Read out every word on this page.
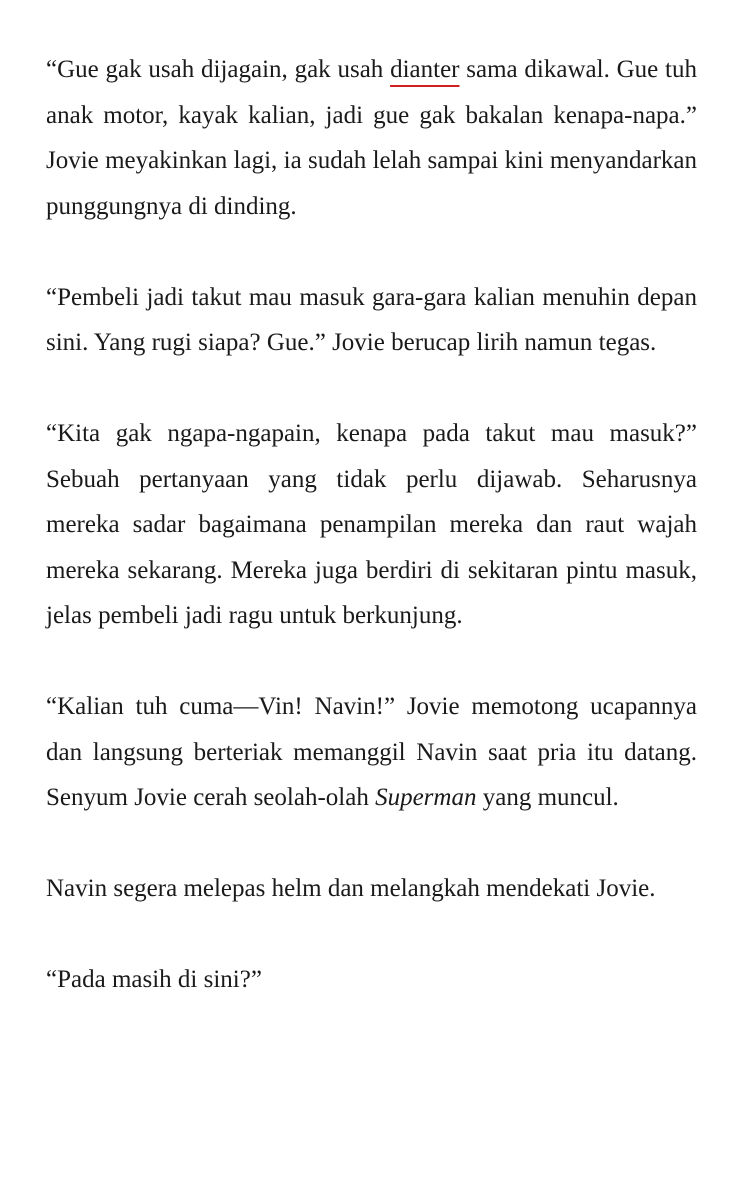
“Gue gak usah dijagain, gak usah dianter sama dikawal. Gue tuh anak motor, kayak kalian, jadi gue gak bakalan kenapa-napa.” Jovie meyakinkan lagi, ia sudah lelah sampai kini menyandarkan punggungnya di dinding.

“Pembeli jadi takut mau masuk gara-gara kalian menuhin depan sini. Yang rugi siapa? Gue.” Jovie berucap lirih namun tegas.

“Kita gak ngapa-ngapain, kenapa pada takut mau masuk?” Sebuah pertanyaan yang tidak perlu dijawab. Seharusnya mereka sadar bagaimana penampilan mereka dan raut wajah mereka sekarang. Mereka juga berdiri di sekitaran pintu masuk, jelas pembeli jadi ragu untuk berkunjung.

“Kalian tuh cuma—Vin! Navin!” Jovie memotong ucapannya dan langsung berteriak memanggil Navin saat pria itu datang. Senyum Jovie cerah seolah-olah Superman yang muncul.

Navin segera melepas helm dan melangkah mendekati Jovie.

“Pada masih di sini?”
